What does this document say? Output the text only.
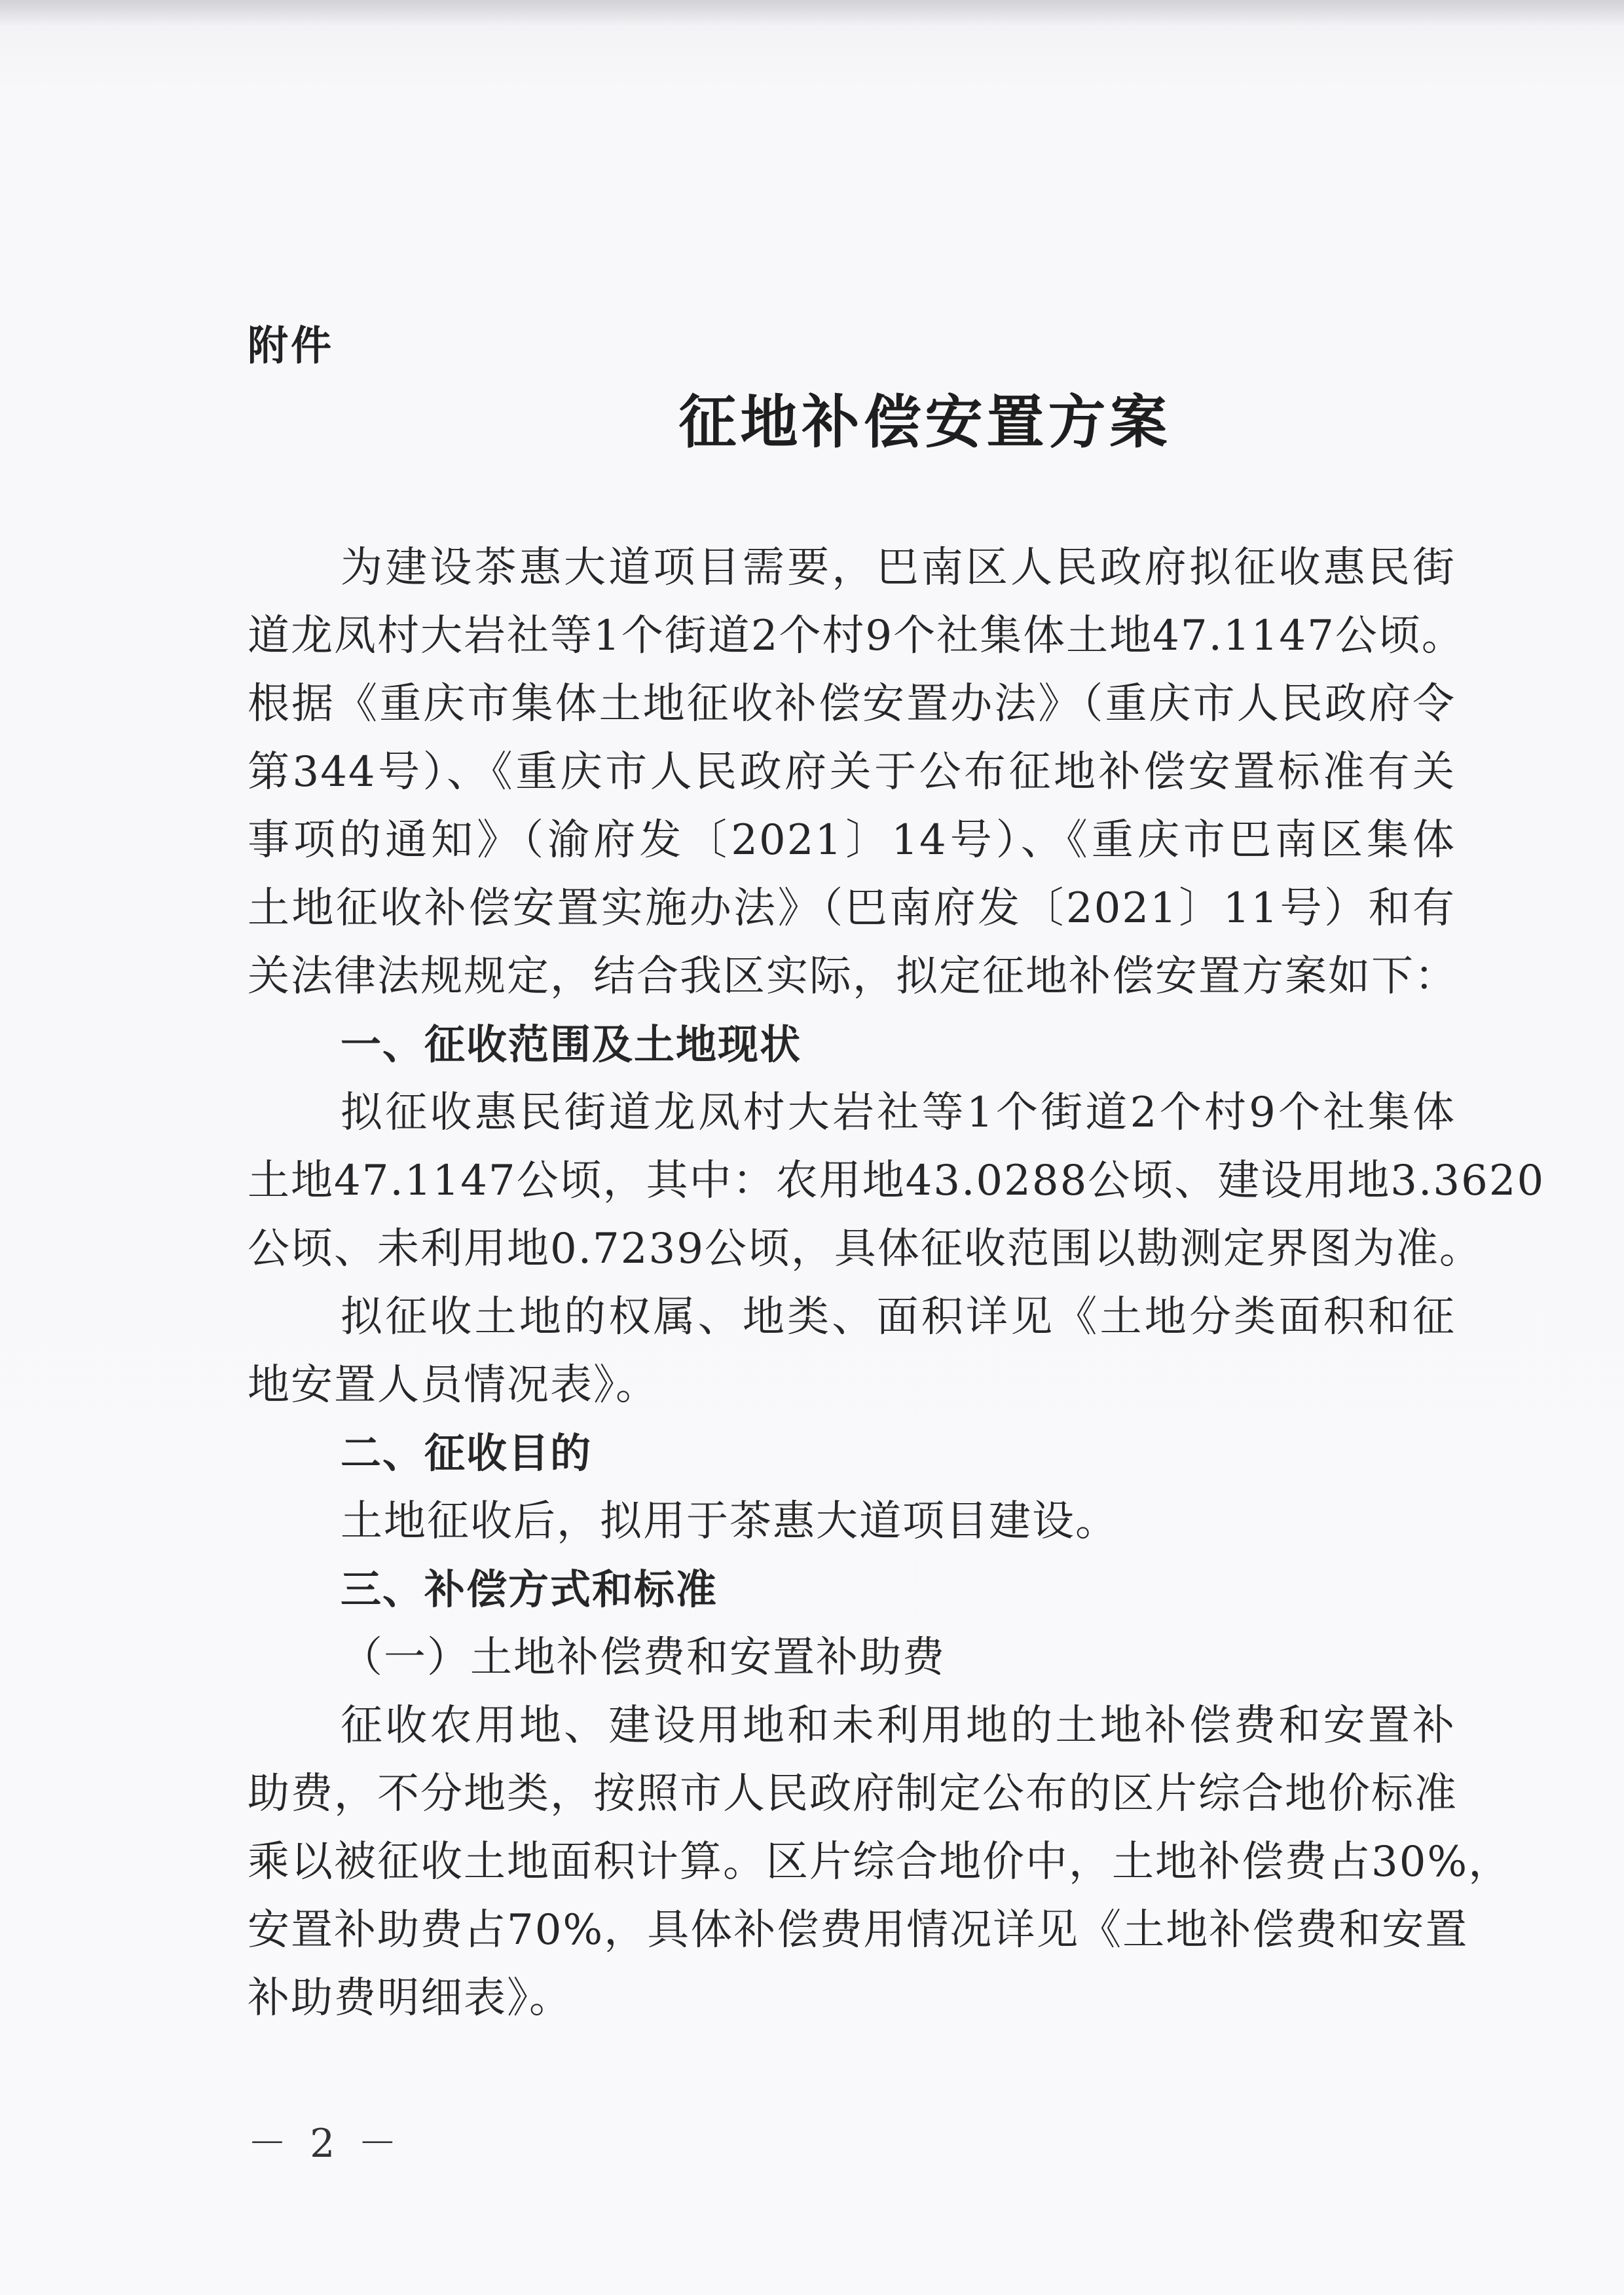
附件
征地补偿安置方案
为建设茶惠大道项目需要，巴南区人民政府拟征收惠民街
道龙凤村大岩社等1个街道2个村9个社集体土地47.1147公顷。
根据《重庆市集体土地征收补偿安置办法》（重庆市人民政府令
第344号）、《重庆市人民政府关于公布征地补偿安置标准有关
事项的通知》（渝府发〔2021〕14号）、《重庆市巴南区集体
土地征收补偿安置实施办法》（巴南府发〔2021〕11号）和有
关法律法规规定，结合我区实际，拟定征地补偿安置方案如下：
一、征收范围及土地现状
拟征收惠民街道龙凤村大岩社等1个街道2个村9个社集体
土地47.1147公顷，其中：农用地43.0288公顷、建设用地3.3620
公顷、未利用地0.7239公顷，具体征收范围以勘测定界图为准。
拟征收土地的权属、地类、面积详见《土地分类面积和征
地安置人员情况表》。
二、征收目的
土地征收后，拟用于茶惠大道项目建设。
三、补偿方式和标准
（一）土地补偿费和安置补助费
征收农用地、建设用地和未利用地的土地补偿费和安置补
助费，不分地类，按照市人民政府制定公布的区片综合地价标准
乘以被征收土地面积计算。区片综合地价中，土地补偿费占30%，
安置补助费占70%，具体补偿费用情况详见《土地补偿费和安置
补助费明细表》。
－ 2 －
